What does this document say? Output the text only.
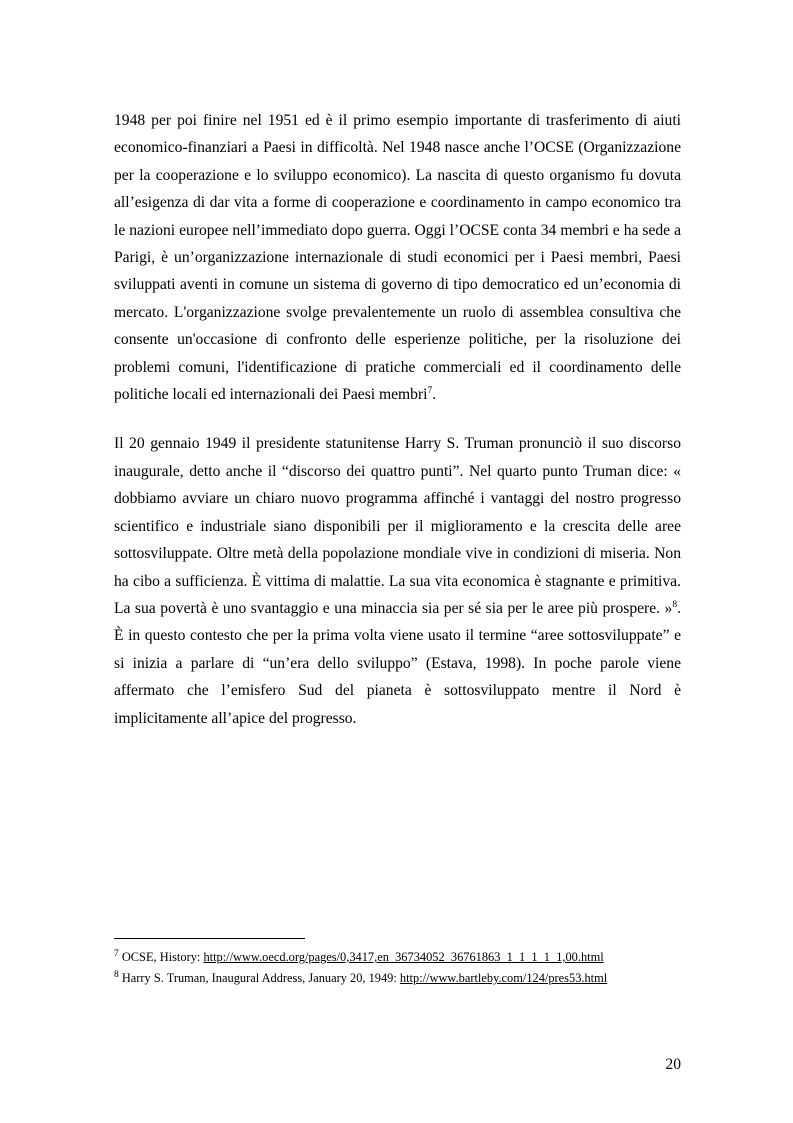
1948 per poi finire nel 1951 ed è il primo esempio importante di trasferimento di aiuti economico-finanziari a Paesi in difficoltà. Nel 1948 nasce anche l’OCSE (Organizzazione per la cooperazione e lo sviluppo economico). La nascita di questo organismo fu dovuta all’esigenza di dar vita a forme di cooperazione e coordinamento in campo economico tra le nazioni europee nell’immediato dopo guerra. Oggi l’OCSE conta 34 membri e ha sede a Parigi, è un’organizzazione internazionale di studi economici per i Paesi membri, Paesi sviluppati aventi in comune un sistema di governo di tipo democratico ed un’economia di mercato. L'organizzazione svolge prevalentemente un ruolo di assemblea consultiva che consente un'occasione di confronto delle esperienze politiche, per la risoluzione dei problemi comuni, l'identificazione di pratiche commerciali ed il coordinamento delle politiche locali ed internazionali dei Paesi membri$^7$.

Il 20 gennaio 1949 il presidente statunitense Harry S. Truman pronunciò il suo discorso inaugurale, detto anche il “discorso dei quattro punti”. Nel quarto punto Truman dice: « dobbiamo avviare un chiaro nuovo programma affinché i vantaggi del nostro progresso scientifico e industriale siano disponibili per il miglioramento e la crescita delle aree sottosviluppate. Oltre metà della popolazione mondiale vive in condizioni di miseria. Non ha cibo a sufficienza. È vittima di malattie. La sua vita economica è stagnante e primitiva. La sua povertà è uno svantaggio e una minaccia sia per sé sia per le aree più prospere. »$^8$. È in questo contesto che per la prima volta viene usato il termine “aree sottosviluppate” e si inizia a parlare di “un’era dello sviluppo” (Estava, 1998). In poche parole viene affermato che l’emisfero Sud del pianeta è sottosviluppato mentre il Nord è implicitamente all’apice del progresso.

$^7$ OCSE, History: http://www.oecd.org/pages/0,3417,en_36734052_36761863_1_1_1_1_1,00.html

$^8$ Harry S. Truman, Inaugural Address, January 20, 1949: http://www.bartleby.com/124/pres53.html

20
